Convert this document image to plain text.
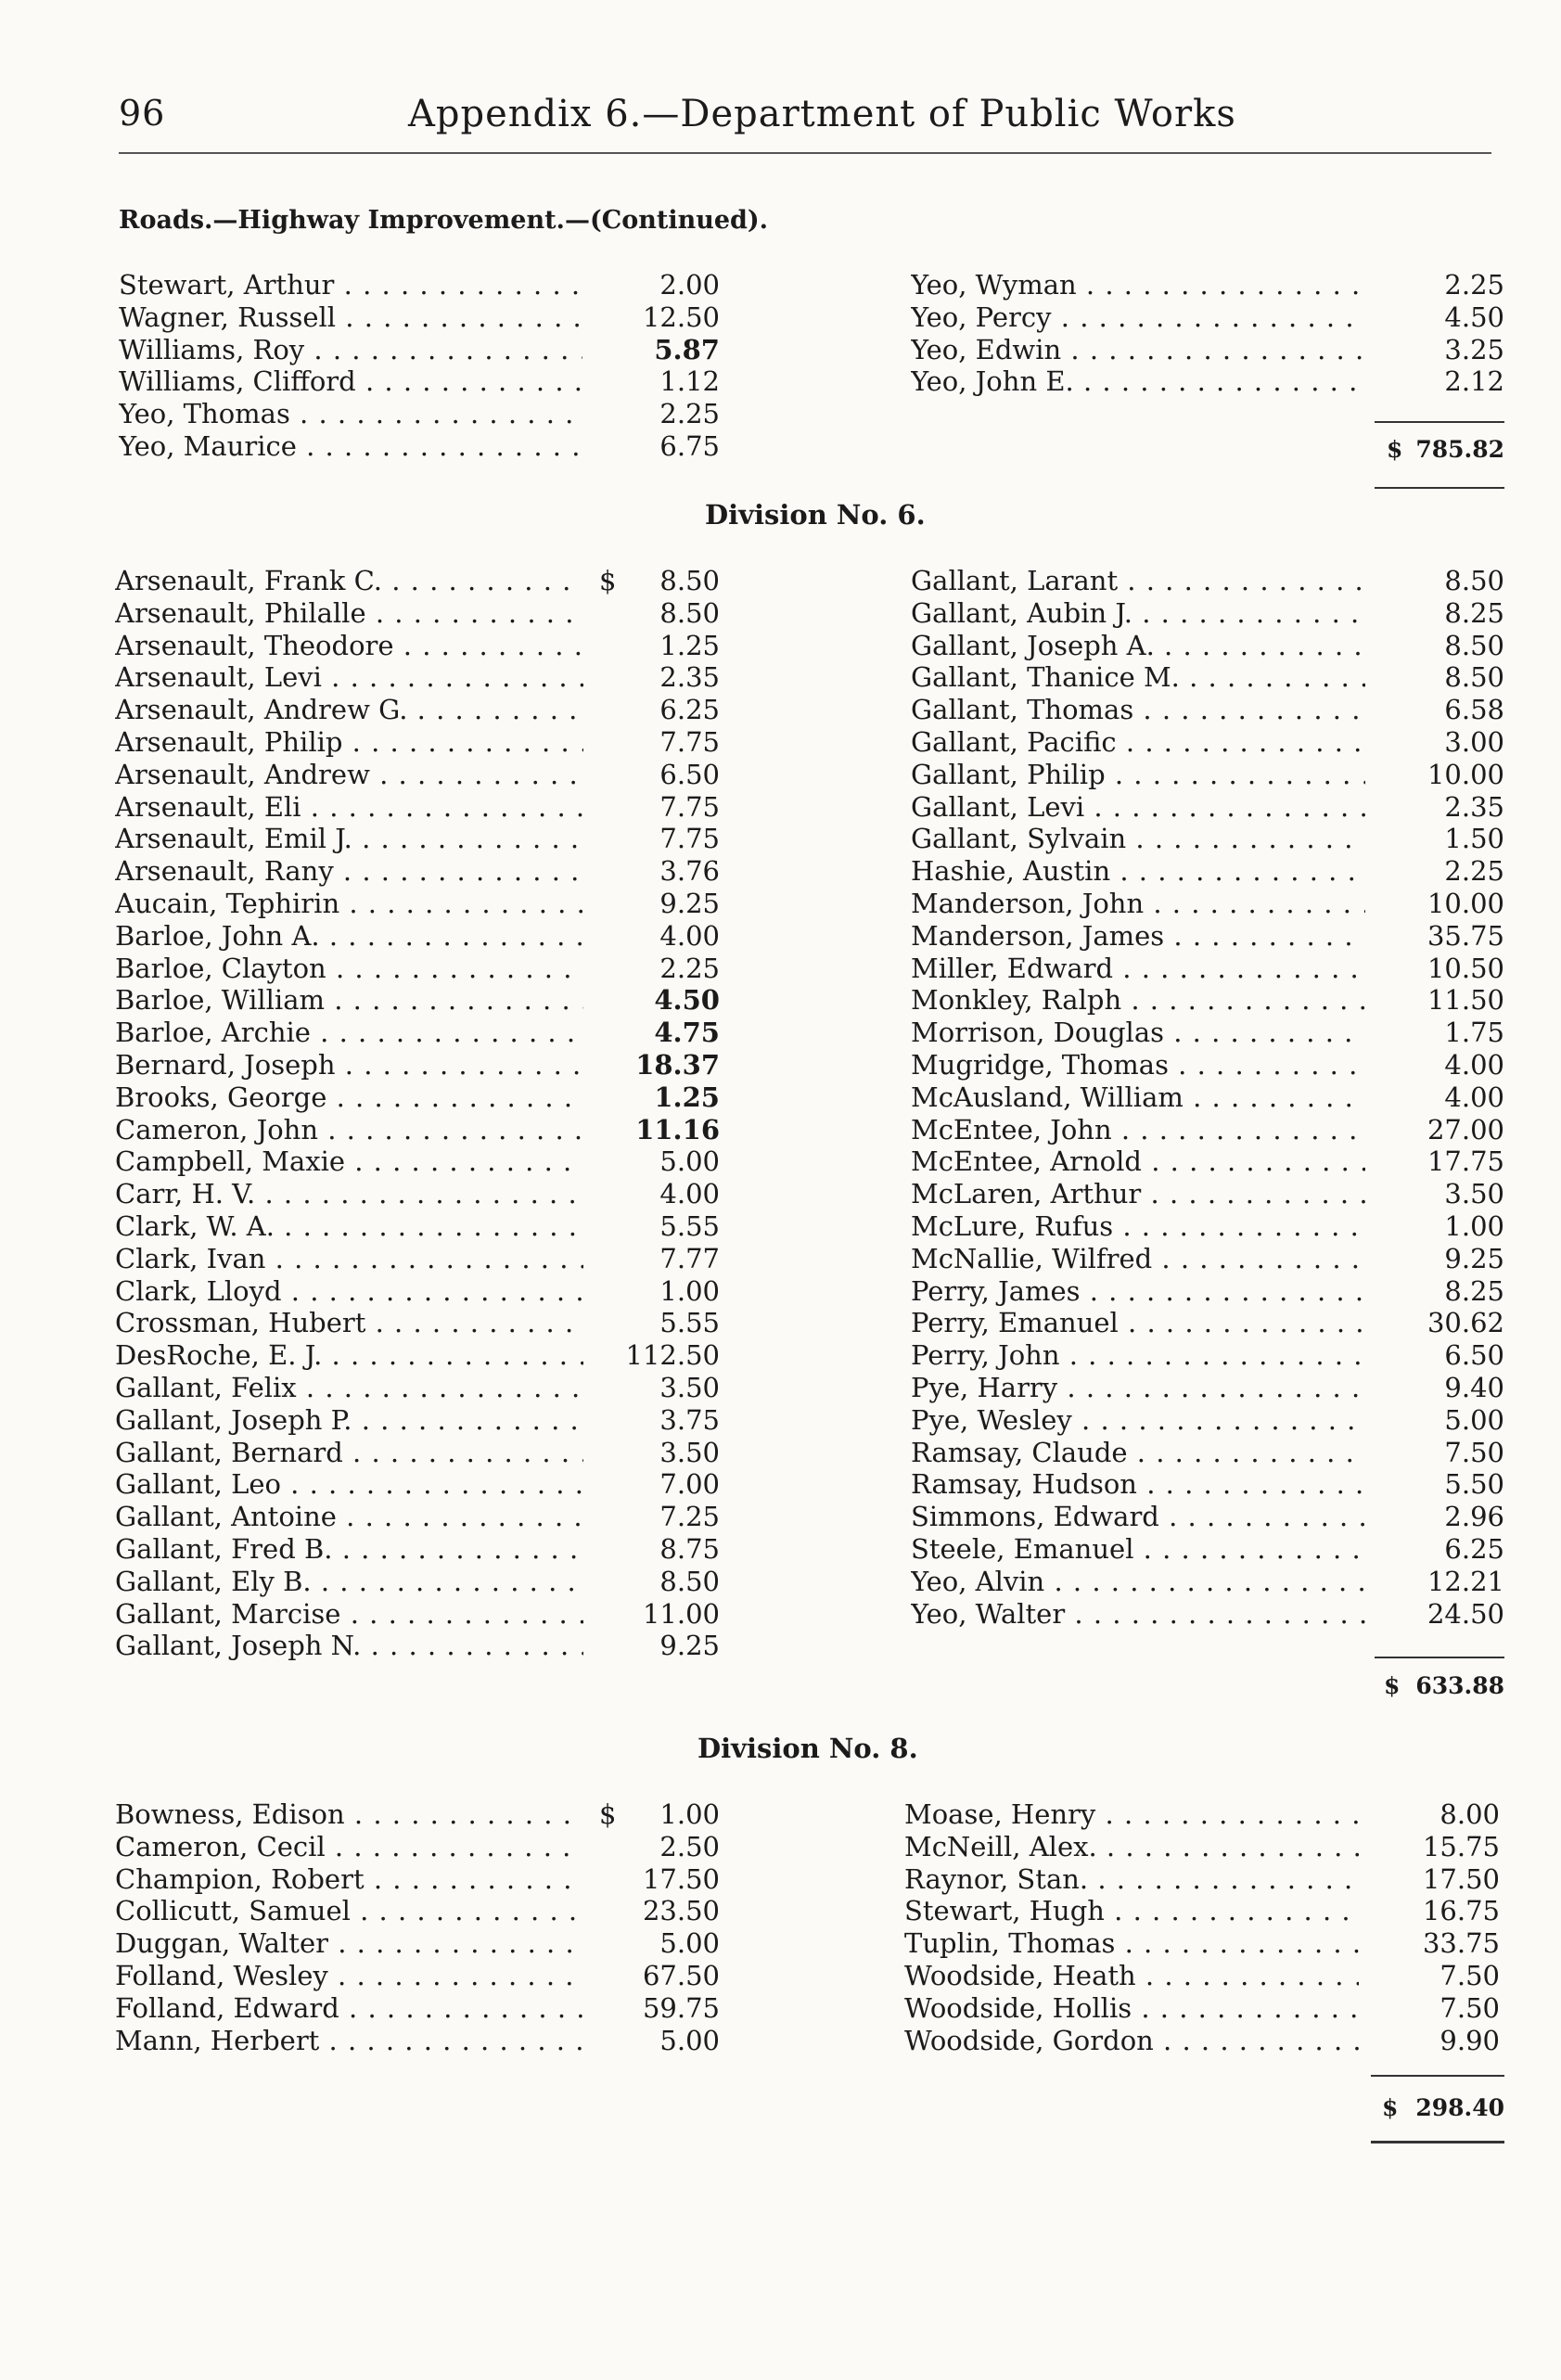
96	Appendix 6.—Department of Public Works
Roads.—Highway Improvement.—(Continued).
Stewart, Arthur . . .	2.00
Wagner, Russell . . .	12.50
Williams, Roy . . .	5.87
Williams, Clifford . . .	1.12
Yeo, Thomas . . .	2.25
Yeo, Maurice . . .	6.75
Yeo, Wyman . . .	2.25
Yeo, Percy . . .	4.50
Yeo, Edwin . . .	3.25
Yeo, John E. . . .	2.12
$ 785.82
Division No. 6.
Arsenault, Frank C. . . .	$	8.50
Arsenault, Philalle . . .	8.50
Arsenault, Theodore . . .	1.25
Arsenault, Levi . . .	2.35
Arsenault, Andrew G. . . .	6.25
Arsenault, Philip . . .	7.75
Arsenault, Andrew . . .	6.50
Arsenault, Eli . . .	7.75
Arsenault, Emil J. . . .	7.75
Arsenault, Rany . . .	3.76
Aucain, Tephirin . . .	9.25
Barloe, John A. . . .	4.00
Barloe, Clayton . . .	2.25
Barloe, William . . .	4.50
Barloe, Archie . . .	4.75
Bernard, Joseph . . .	18.37
Brooks, George . . .	1.25
Cameron, John . . .	11.16
Campbell, Maxie . . .	5.00
Carr, H. V. . . .	4.00
Clark, W. A. . . .	5.55
Clark, Ivan . . .	7.77
Clark, Lloyd . . .	1.00
Crossman, Hubert . . .	5.55
DesRoche, E. J. . . .	112.50
Gallant, Felix . . .	3.50
Gallant, Joseph P. . . .	3.75
Gallant, Bernard . . .	3.50
Gallant, Leo . . .	7.00
Gallant, Antoine . . .	7.25
Gallant, Fred B. . . .	8.75
Gallant, Ely B. . . .	8.50
Gallant, Marcise . . .	11.00
Gallant, Joseph N. . . .	9.25
Gallant, Larant . . .	8.50
Gallant, Aubin J. . . .	8.25
Gallant, Joseph A. . . .	8.50
Gallant, Thanice M. . . .	8.50
Gallant, Thomas . . .	6.58
Gallant, Pacific . . .	3.00
Gallant, Philip . . .	10.00
Gallant, Levi . . .	2.35
Gallant, Sylvain . . .	1.50
Hashie, Austin . . .	2.25
Manderson, John . . .	10.00
Manderson, James . . .	35.75
Miller, Edward . . .	10.50
Monkley, Ralph . . .	11.50
Morrison, Douglas . . .	1.75
Mugridge, Thomas . . .	4.00
McAusland, William . . .	4.00
McEntee, John . . .	27.00
McEntee, Arnold . . .	17.75
McLaren, Arthur . . .	3.50
McLure, Rufus . . .	1.00
McNallie, Wilfred . . .	9.25
Perry, James . . .	8.25
Perry, Emanuel . . .	30.62
Perry, John . . .	6.50
Pye, Harry . . .	9.40
Pye, Wesley . . .	5.00
Ramsay, Claude . . .	7.50
Ramsay, Hudson . . .	5.50
Simmons, Edward . . .	2.96
Steele, Emanuel . . .	6.25
Yeo, Alvin . . .	12.21
Yeo, Walter . . .	24.50
$ 633.88
Division No. 8.
Bowness, Edison . . .	$	1.00
Cameron, Cecil . . .	2.50
Champion, Robert . . .	17.50
Collicutt, Samuel . . .	23.50
Duggan, Walter . . .	5.00
Folland, Wesley . . .	67.50
Folland, Edward . . .	59.75
Mann, Herbert . . .	5.00
Moase, Henry . . .	8.00
McNeill, Alex. . . .	15.75
Raynor, Stan. . . .	17.50
Stewart, Hugh . . .	16.75
Tuplin, Thomas . . .	33.75
Woodside, Heath . . .	7.50
Woodside, Hollis . . .	7.50
Woodside, Gordon . . .	9.90
$ 298.40
